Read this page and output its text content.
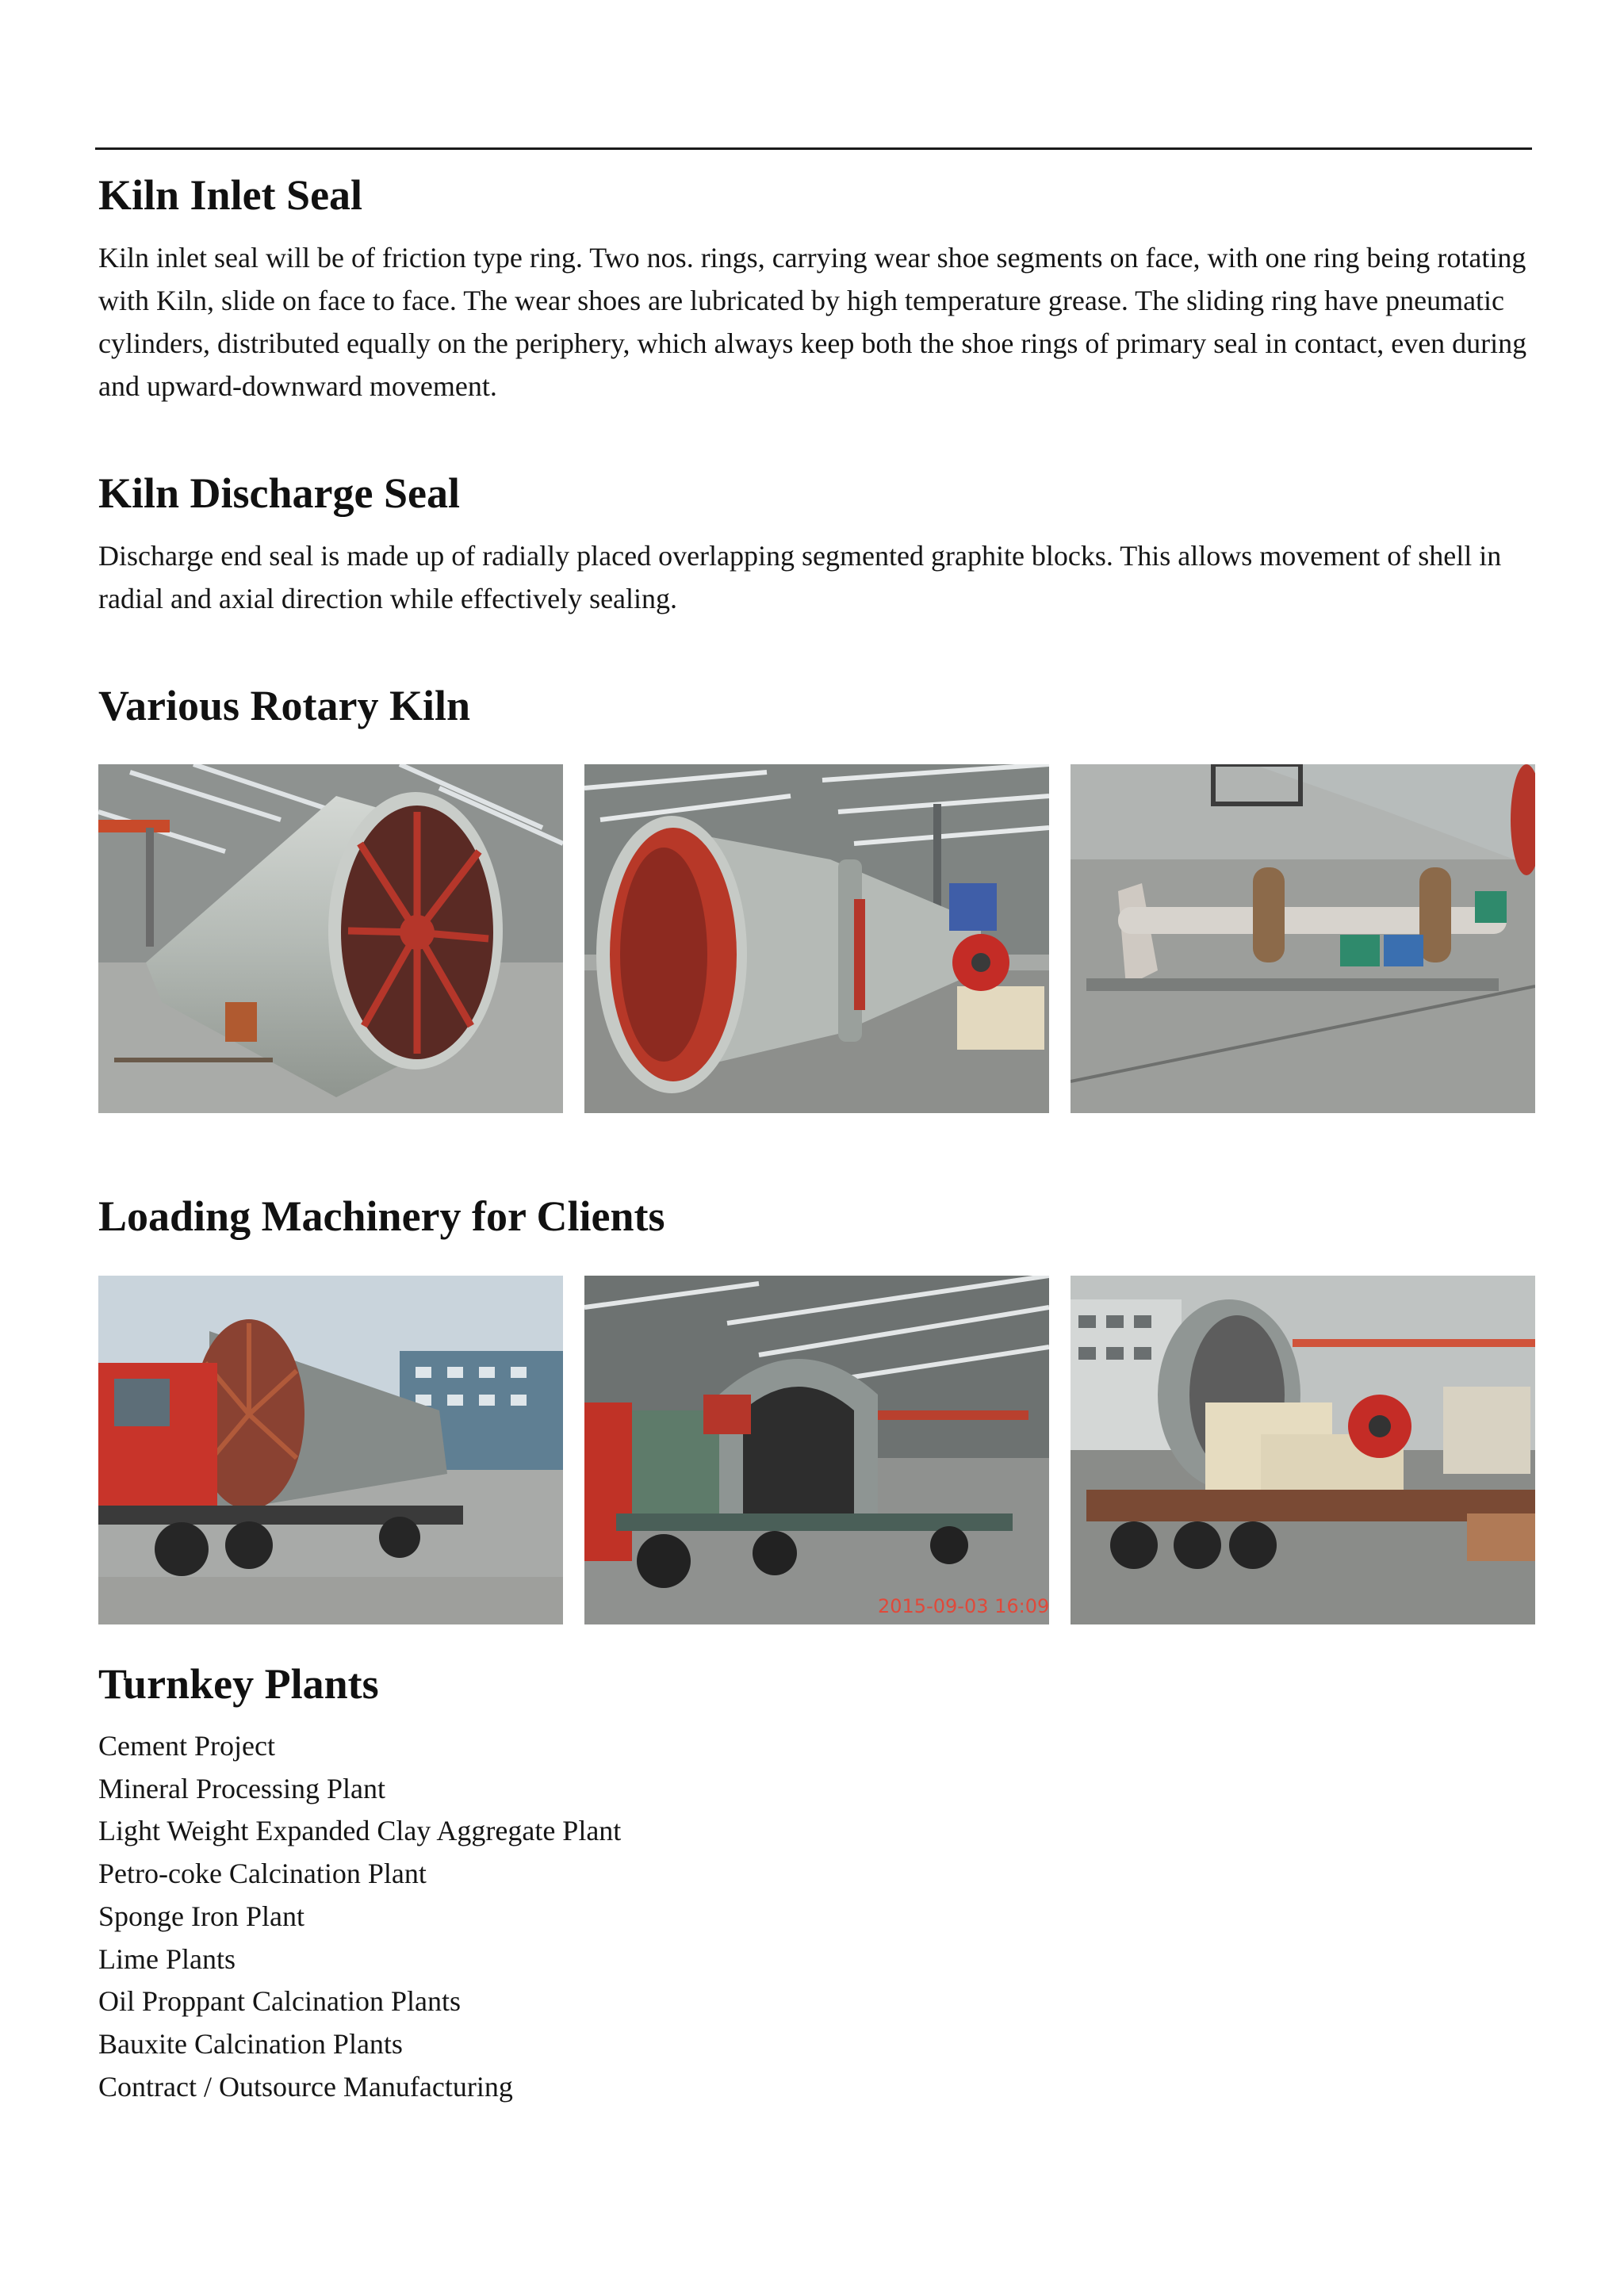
Kiln Inlet Seal

Kiln inlet seal will be of friction type ring. Two nos. rings, carrying wear shoe segments on face, with one ring being rotating with Kiln, slide on face to face. The wear shoes are lubricated by high temperature grease. The sliding ring have pneumatic cylinders, distributed equally on the periphery, which always keep both the shoe rings of primary seal in contact, even during and upward-downward movement.

Kiln Discharge Seal

Discharge end seal is made up of radially placed overlapping segmented graphite blocks. This allows movement of shell in radial and axial direction while effectively sealing.

Various Rotary Kiln
Loading Machinery for Clients
2015-09-03 16:09
Turnkey Plants
Cement Project
Mineral Processing Plant
Light Weight Expanded Clay Aggregate Plant
Petro-coke Calcination Plant
Sponge Iron Plant
Lime Plants
Oil Proppant Calcination Plants
Bauxite Calcination Plants
Contract / Outsource Manufacturing
